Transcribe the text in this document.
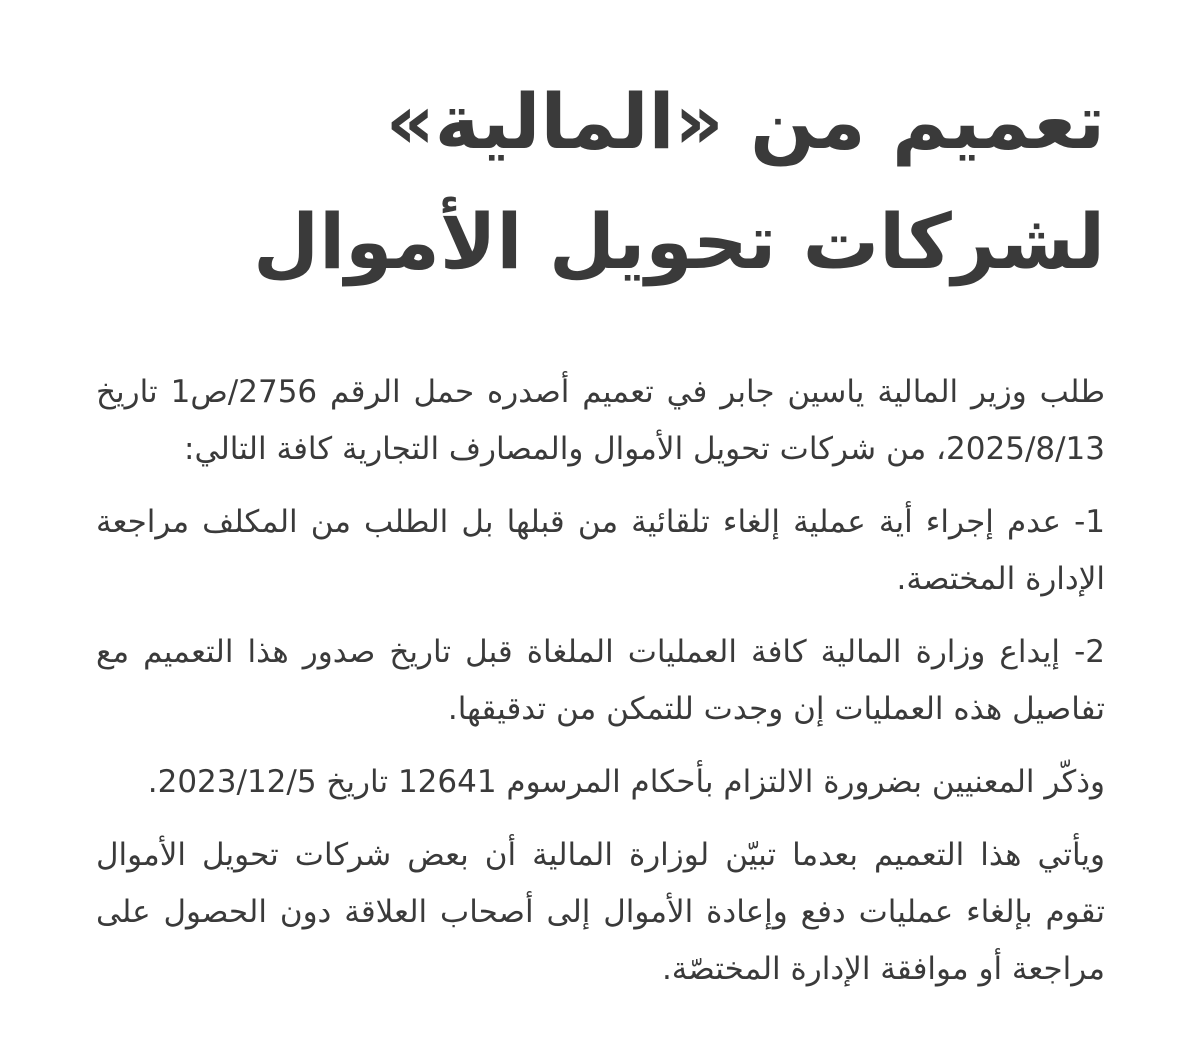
تعميم من «المالية»
لشركات تحويل الأموال

طلب وزير المالية ياسين جابر في تعميم أصدره حمل الرقم 2756/ص1 تاريخ 2025/8/13، من شركات تحويل الأموال والمصارف التجارية كافة التالي:

1- عدم إجراء أية عملية إلغاء تلقائية من قبلها بل الطلب من المكلف مراجعة الإدارة المختصة.

2- إيداع وزارة المالية كافة العمليات الملغاة قبل تاريخ صدور هذا التعميم مع تفاصيل هذه العمليات إن وجدت للتمكن من تدقيقها.

وذكّر المعنيين بضرورة الالتزام بأحكام المرسوم 12641 تاريخ 2023/12/5.

ويأتي هذا التعميم بعدما تبيّن لوزارة المالية أن بعض شركات تحويل الأموال تقوم بإلغاء عمليات دفع وإعادة الأموال إلى أصحاب العلاقة دون الحصول على مراجعة أو موافقة الإدارة المختصّة.
